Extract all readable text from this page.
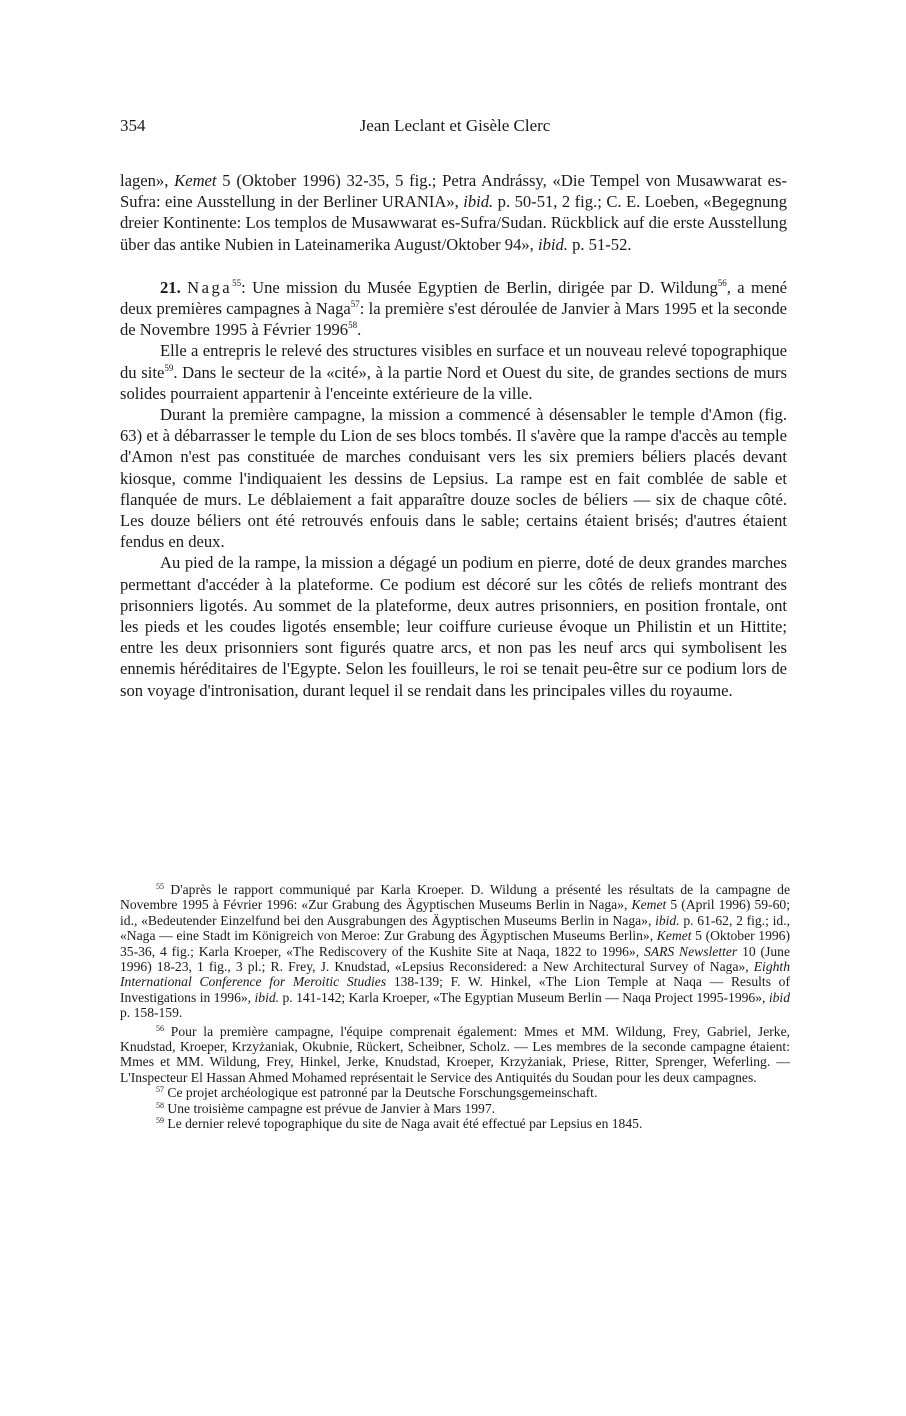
354	Jean Leclant et Gisèle Clerc

lagen», Kemet 5 (Oktober 1996) 32-35, 5 fig.; Petra Andrássy, «Die Tempel von Musawwarat es-Sufra: eine Ausstellung in der Berliner URANIA», ibid. p. 50-51, 2 fig.; C. E. Loeben, «Begegnung dreier Kontinente: Los templos de Musawwarat es-Sufra/Sudan. Rückblick auf die erste Ausstellung über das antike Nubien in Lateinamerika August/Oktober 94», ibid. p. 51-52.

21. Naga$^{55}$: Une mission du Musée Egyptien de Berlin, dirigée par D. Wildung$^{56}$, a mené deux premières campagnes à Naga$^{57}$: la première s'est déroulée de Janvier à Mars 1995 et la seconde de Novembre 1995 à Février 1996$^{58}$.

Elle a entrepris le relevé des structures visibles en surface et un nouveau relevé topographique du site$^{59}$. Dans le secteur de la «cité», à la partie Nord et Ouest du site, de grandes sections de murs solides pourraient appartenir à l'enceinte extérieure de la ville.

Durant la première campagne, la mission a commencé à désensabler le temple d'Amon (fig. 63) et à débarrasser le temple du Lion de ses blocs tombés. Il s'avère que la rampe d'accès au temple d'Amon n'est pas constituée de marches conduisant vers les six premiers béliers placés devant kiosque, comme l'indiquaient les dessins de Lepsius. La rampe est en fait comblée de sable et flanquée de murs. Le déblaiement a fait apparaître douze socles de béliers — six de chaque côté. Les douze béliers ont été retrouvés enfouis dans le sable; certains étaient brisés; d'autres étaient fendus en deux.

Au pied de la rampe, la mission a dégagé un podium en pierre, doté de deux grandes marches permettant d'accéder à la plateforme. Ce podium est décoré sur les côtés de reliefs montrant des prisonniers ligotés. Au sommet de la plateforme, deux autres prisonniers, en position frontale, ont les pieds et les coudes ligotés ensemble; leur coiffure curieuse évoque un Philistin et un Hittite; entre les deux prisonniers sont figurés quatre arcs, et non pas les neuf arcs qui symbolisent les ennemis héréditaires de l'Egypte. Selon les fouilleurs, le roi se tenait peu-être sur ce podium lors de son voyage d'intronisation, durant lequel il se rendait dans les principales villes du royaume.

$^{55}$ D'après le rapport communiqué par Karla Kroeper. D. Wildung a présenté les résultats de la campagne de Novembre 1995 à Février 1996: «Zur Grabung des Ägyptischen Museums Berlin in Naga», Kemet 5 (April 1996) 59-60; id., «Bedeutender Einzelfund bei den Ausgrabungen des Ägyptischen Museums Berlin in Naga», ibid. p. 61-62, 2 fig.; id., «Naga — eine Stadt im Königreich von Meroe: Zur Grabung des Ägyptischen Museums Berlin», Kemet 5 (Oktober 1996) 35-36, 4 fig.; Karla Kroeper, «The Rediscovery of the Kushite Site at Naqa, 1822 to 1996», SARS Newsletter 10 (June 1996) 18-23, 1 fig., 3 pl.; R. Frey, J. Knudstad, «Lepsius Reconsidered: a New Architectural Survey of Naga», Eighth International Conference for Meroitic Studies 138-139; F. W. Hinkel, «The Lion Temple at Naqa — Results of Investigations in 1996», ibid. p. 141-142; Karla Kroeper, «The Egyptian Museum Berlin — Naqa Project 1995-1996», ibid p. 158-159.

$^{56}$ Pour la première campagne, l'équipe comprenait également: Mmes et MM. Wildung, Frey, Gabriel, Jerke, Knudstad, Kroeper, Krzyżaniak, Okubnie, Rückert, Scheibner, Scholz. — Les membres de la seconde campagne étaient: Mmes et MM. Wildung, Frey, Hinkel, Jerke, Knudstad, Kroeper, Krzyżaniak, Priese, Ritter, Sprenger, Weferling. — L'Inspecteur El Hassan Ahmed Mohamed représentait le Service des Antiquités du Soudan pour les deux campagnes.

$^{57}$ Ce projet archéologique est patronné par la Deutsche Forschungsgemeinschaft.

$^{58}$ Une troisième campagne est prévue de Janvier à Mars 1997.

$^{59}$ Le dernier relevé topographique du site de Naga avait été effectué par Lepsius en 1845.
